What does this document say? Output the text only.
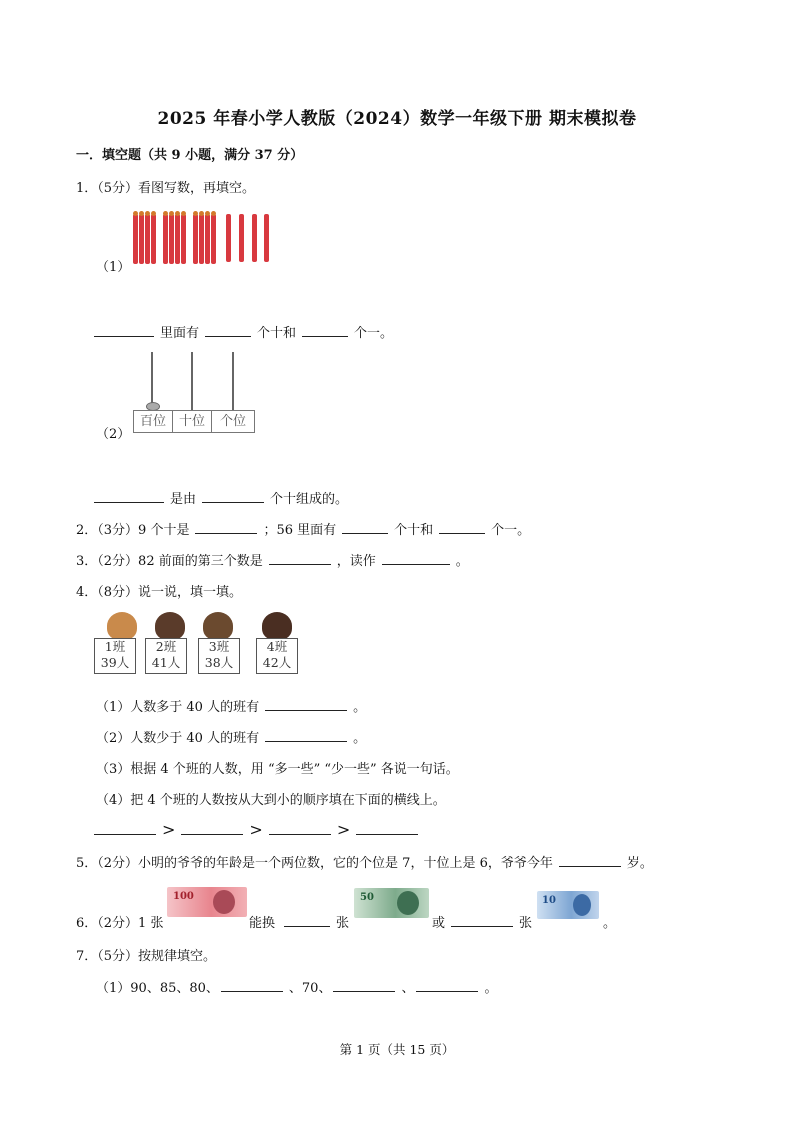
2025 年春小学人教版（2024）数学一年级下册 期末模拟卷
一．填空题（共 9 小题，满分 37 分）
1．（5分）看图写数，再填空。
（1）
里面有	个十和	个一。
百位 十位	个位
（2）
是由	个十组成的。
2．（3分）9 个十是	；56 里面有	个十和	个一。
3．（2分）82 前面的第三个数是	，读作	。
4．（8分）说一说，填一填。
1班
39人
2班
41人
3班
38人
4班
42人
（1）人数多于 40 人的班有	。
（2）人数少于 40 人的班有	。
（3）根据 4 个班的人数，用 “多一些” “少一些” 各说一句话。
（4）把 4 个班的人数按从大到小的顺序填在下面的横线上。
>	>	>
5．（2分）小明的爷爷的年龄是一个两位数，它的个位是 7，十位上是 6，爷爷今年	岁。
6．（2分）1 张
100
能换	张
50
或	张
10
。
7．（5分）按规律填空。
（1）90、85、80、	、70、	、	。
第 1 页（共 15 页）
